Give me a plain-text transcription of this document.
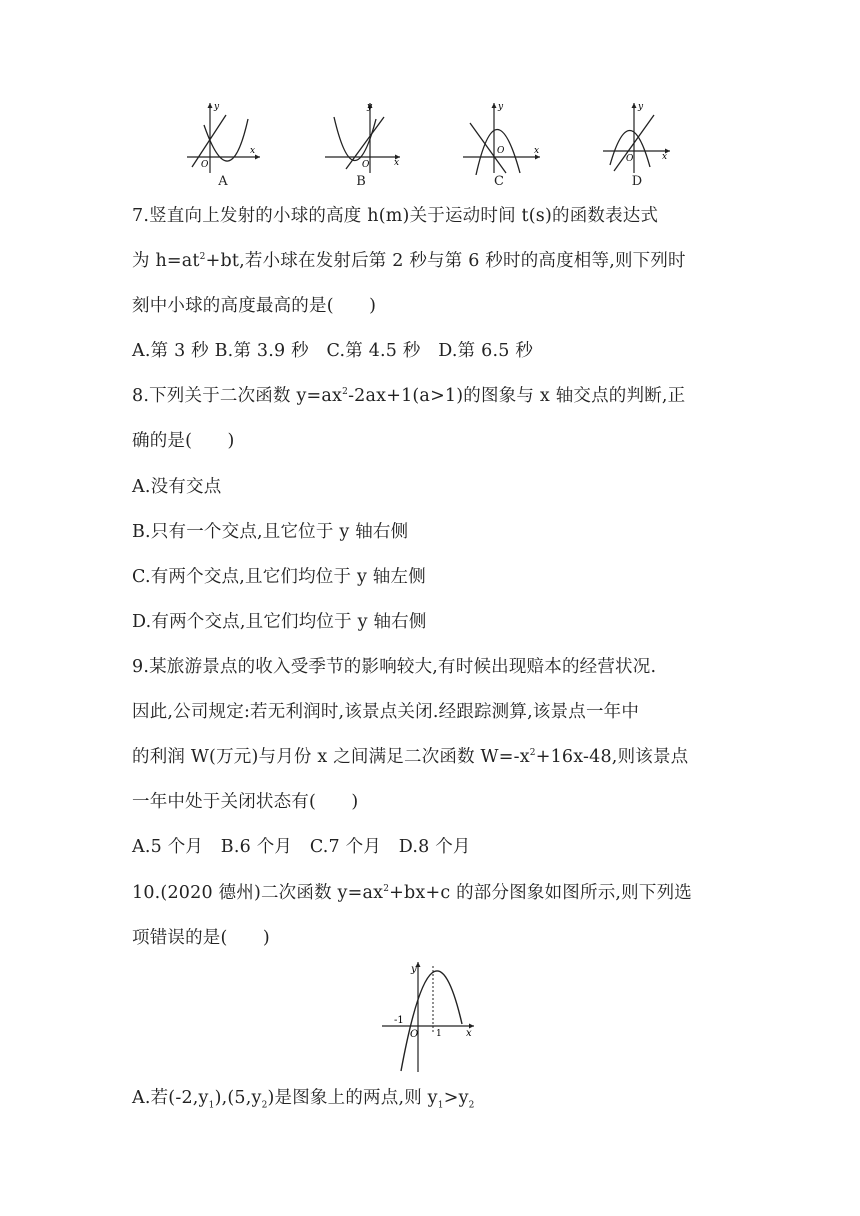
y
x
O
A
y
x
O
B
y
x
O
C
y
x
O
D
7.竖直向上发射的小球的高度 h(m)关于运动时间 t(s)的函数表达式
为 $h=at^2+bt$,若小球在发射后第 2 秒与第 6 秒时的高度相等,则下列时
刻中小球的高度最高的是(　　)
A.第 3 秒 B.第 3.9 秒　C.第 4.5 秒　D.第 6.5 秒
8.下列关于二次函数 $y=ax^2-2ax+1(a>1)$的图象与 x 轴交点的判断,正
确的是(　　)
A.没有交点
B.只有一个交点,且它位于 y 轴右侧
C.有两个交点,且它们均位于 y 轴左侧
D.有两个交点,且它们均位于 y 轴右侧
9.某旅游景点的收入受季节的影响较大,有时候出现赔本的经营状况.
因此,公司规定:若无利润时,该景点关闭.经跟踪测算,该景点一年中
的利润 W(万元)与月份 x 之间满足二次函数 $W=-x^2+16x-48$,则该景点
一年中处于关闭状态有(　　)
A.5 个月　B.6 个月　C.7 个月　D.8 个月
10.(2020 德州)二次函数 $y=ax^2+bx+c$ 的部分图象如图所示,则下列选
项错误的是(　　)
y
x
O
-1
1
A.若$(-2,y_1),(5,y_2)$是图象上的两点,则 $y_1>y_2$
